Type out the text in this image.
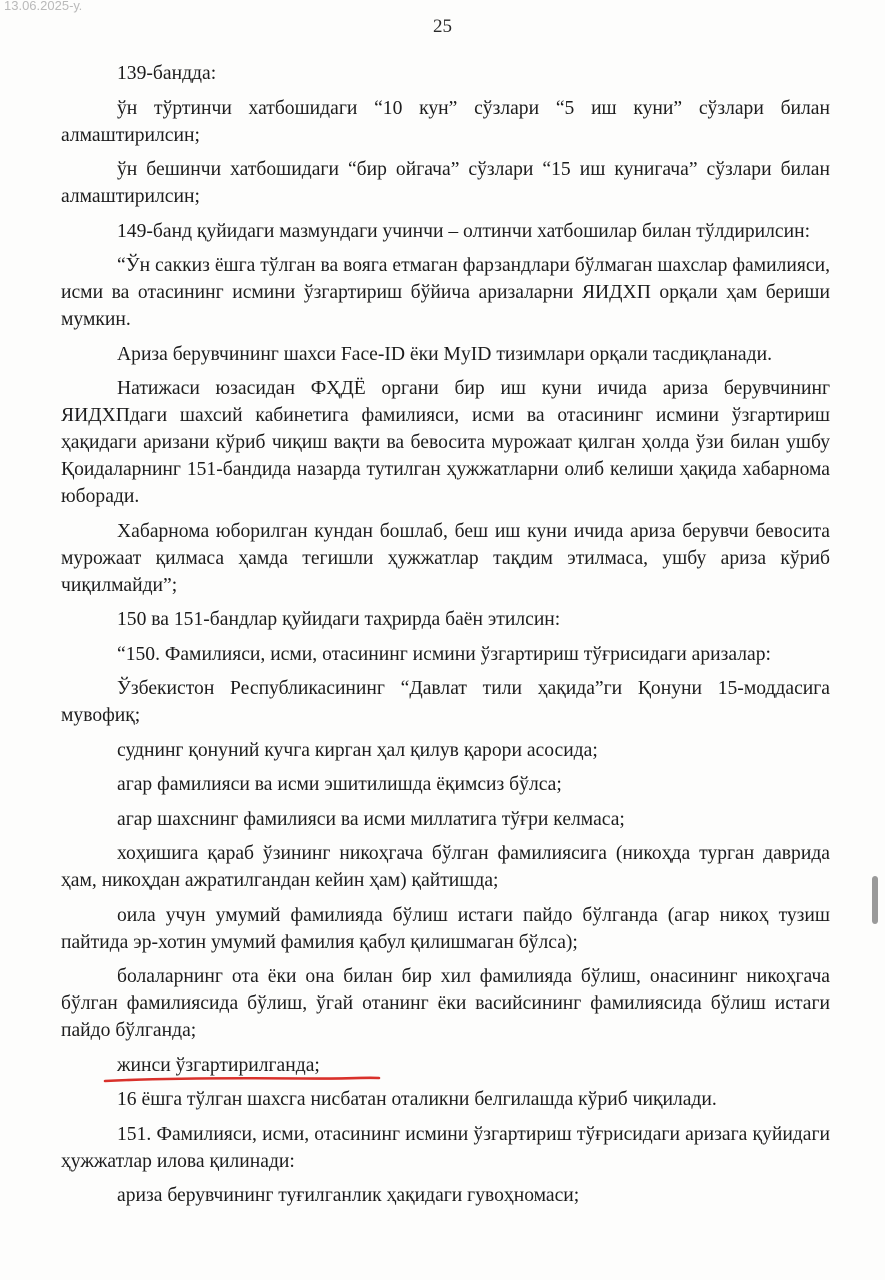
13.06.2025-у.
25

139-бандда:

ўн тўртинчи хатбошидаги “10 кун” сўзлари “5 иш куни” сўзлари билан алмаштирилсин;

ўн бешинчи хатбошидаги “бир ойгача” сўзлари “15 иш кунигача” сўзлари билан алмаштирилсин;

149-банд қуйидаги мазмундаги учинчи – олтинчи хатбошилар билан тўлдирилсин:

“Ўн саккиз ёшга тўлган ва вояга етмаган фарзандлари бўлмаган шахслар фамилияси, исми ва отасининг исмини ўзгартириш бўйича аризаларни ЯИДХП орқали ҳам бериши мумкин.

Ариза берувчининг шахси Face-ID ёки MyID тизимлари орқали тасдиқланади.

Натижаси юзасидан ФҲДЁ органи бир иш куни ичида ариза берувчининг ЯИДХПдаги шахсий кабинетига фамилияси, исми ва отасининг исмини ўзгартириш ҳақидаги аризани кўриб чиқиш вақти ва бевосита мурожаат қилган ҳолда ўзи билан ушбу Қоидаларнинг 151-бандида назарда тутилган ҳужжатларни олиб келиши ҳақида хабарнома юборади.

Хабарнома юборилган кундан бошлаб, беш иш куни ичида ариза берувчи бевосита мурожаат қилмаса ҳамда тегишли ҳужжатлар тақдим этилмаса, ушбу ариза кўриб чиқилмайди”;

150 ва 151-бандлар қуйидаги таҳрирда баён этилсин:

“150. Фамилияси, исми, отасининг исмини ўзгартириш тўғрисидаги аризалар:

Ўзбекистон Республикасининг “Давлат тили ҳақида”ги Қонуни 15-моддасига мувофиқ;

суднинг қонуний кучга кирган ҳал қилув қарори асосида;

агар фамилияси ва исми эшитилишда ёқимсиз бўлса;

агар шахснинг фамилияси ва исми миллатига тўғри келмаса;

хоҳишига қараб ўзининг никоҳгача бўлган фамилиясига (никоҳда турган даврида ҳам, никоҳдан ажратилгандан кейин ҳам) қайтишда;

оила учун умумий фамилияда бўлиш истаги пайдо бўлганда (агар никоҳ тузиш пайтида эр-хотин умумий фамилия қабул қилишмаган бўлса);

болаларнинг ота ёки она билан бир хил фамилияда бўлиш, онасининг никоҳгача бўлган фамилиясида бўлиш, ўгай отанинг ёки васийсининг фамилиясида бўлиш истаги пайдо бўлганда;

жинси ўзгартирилганда;

16 ёшга тўлган шахсга нисбатан оталикни белгилашда кўриб чиқилади.

151. Фамилияси, исми, отасининг исмини ўзгартириш тўғрисидаги аризага қуйидаги ҳужжатлар илова қилинади:

ариза берувчининг туғилганлик ҳақидаги гувоҳномаси;
